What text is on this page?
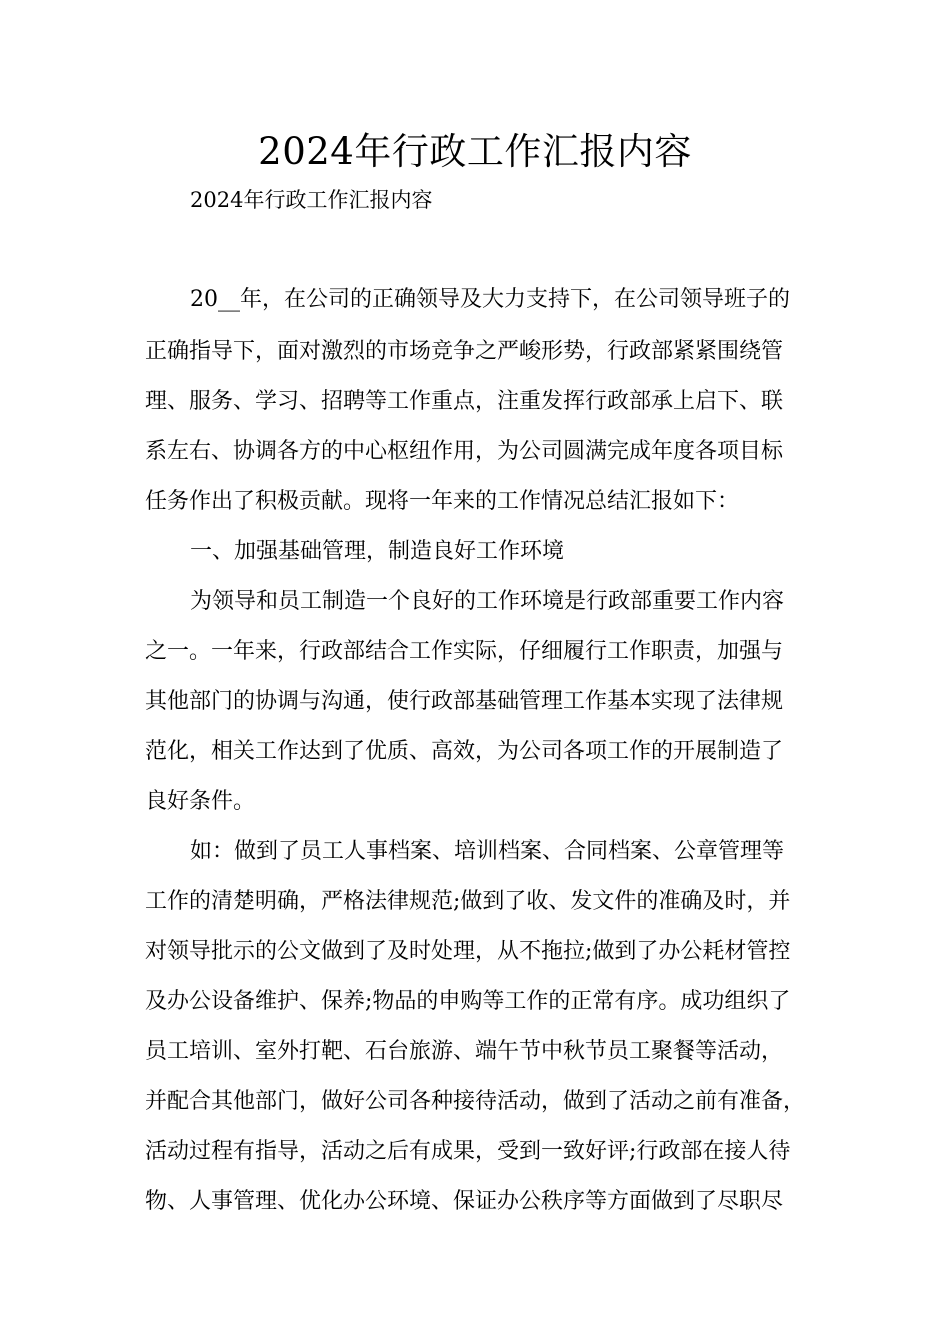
2024年行政工作汇报内容
2024年行政工作汇报内容
20__年，在公司的正确领导及大力支持下，在公司领导班子的
正确指导下，面对激烈的市场竞争之严峻形势，行政部紧紧围绕管
理、服务、学习、招聘等工作重点，注重发挥行政部承上启下、联
系左右、协调各方的中心枢纽作用，为公司圆满完成年度各项目标
任务作出了积极贡献。现将一年来的工作情况总结汇报如下：
一、加强基础管理，制造良好工作环境
为领导和员工制造一个良好的工作环境是行政部重要工作内容
之一。一年来，行政部结合工作实际，仔细履行工作职责，加强与
其他部门的协调与沟通，使行政部基础管理工作基本实现了法律规
范化，相关工作达到了优质、高效，为公司各项工作的开展制造了
良好条件。
如：做到了员工人事档案、培训档案、合同档案、公章管理等
工作的清楚明确，严格法律规范;做到了收、发文件的准确及时，并
对领导批示的公文做到了及时处理，从不拖拉;做到了办公耗材管控
及办公设备维护、保养;物品的申购等工作的正常有序。成功组织了
员工培训、室外打靶、石台旅游、端午节中秋节员工聚餐等活动，
并配合其他部门，做好公司各种接待活动，做到了活动之前有准备，
活动过程有指导，活动之后有成果，受到一致好评;行政部在接人待
物、人事管理、优化办公环境、保证办公秩序等方面做到了尽职尽
